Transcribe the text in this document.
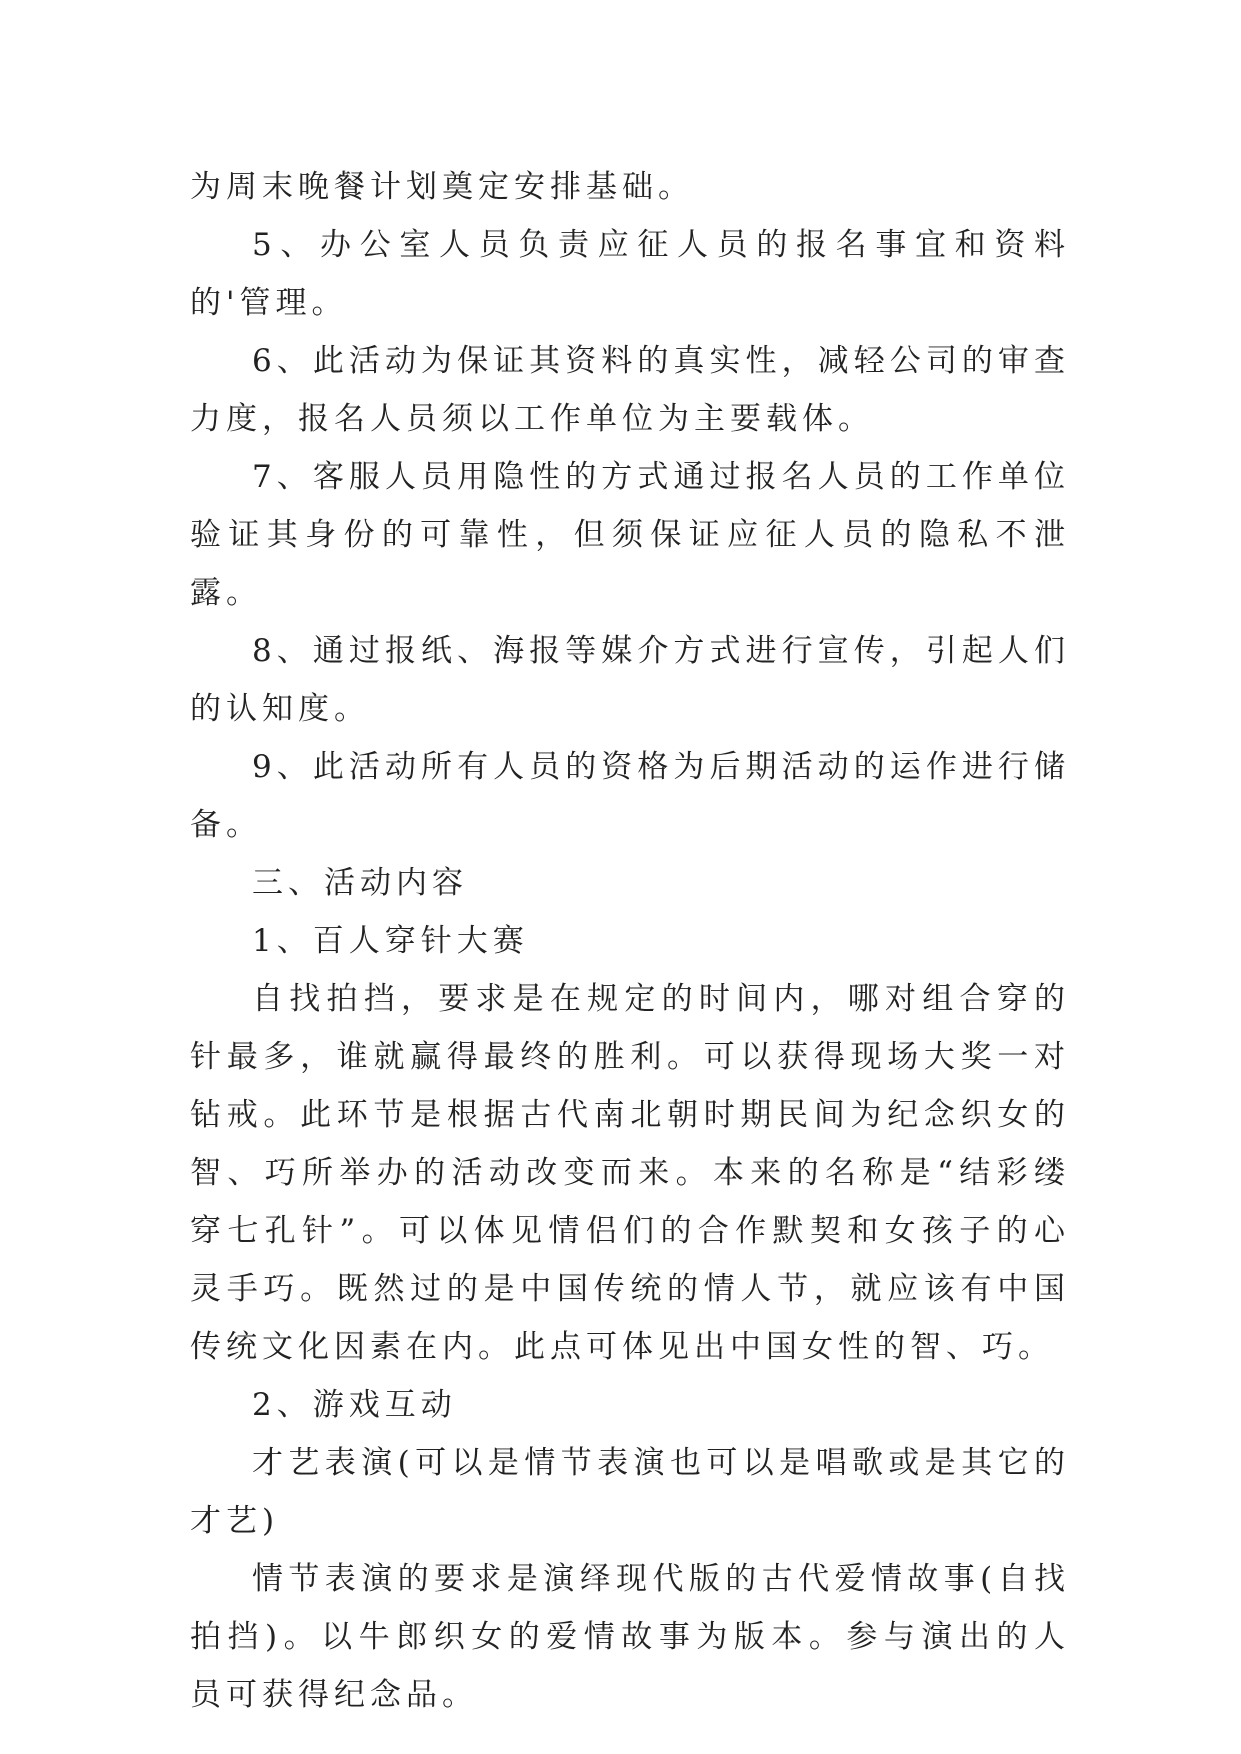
为周末晚餐计划奠定安排基础。

5、办公室人员负责应征人员的报名事宜和资料的'管理。

6、此活动为保证其资料的真实性，减轻公司的审查力度，报名人员须以工作单位为主要载体。

7、客服人员用隐性的方式通过报名人员的工作单位验证其身份的可靠性，但须保证应征人员的隐私不泄露。

8、通过报纸、海报等媒介方式进行宣传，引起人们的认知度。

9、此活动所有人员的资格为后期活动的运作进行储备。

三、活动内容

1、百人穿针大赛

自找拍挡，要求是在规定的时间内，哪对组合穿的针最多，谁就赢得最终的胜利。可以获得现场大奖一对钻戒。此环节是根据古代南北朝时期民间为纪念织女的智、巧所举办的活动改变而来。本来的名称是“结彩缕穿七孔针”。可以体见情侣们的合作默契和女孩子的心灵手巧。既然过的是中国传统的情人节，就应该有中国传统文化因素在内。此点可体见出中国女性的智、巧。

2、游戏互动

才艺表演(可以是情节表演也可以是唱歌或是其它的才艺)

情节表演的要求是演绎现代版的古代爱情故事(自找拍挡)。以牛郎织女的爱情故事为版本。参与演出的人员可获得纪念品。
